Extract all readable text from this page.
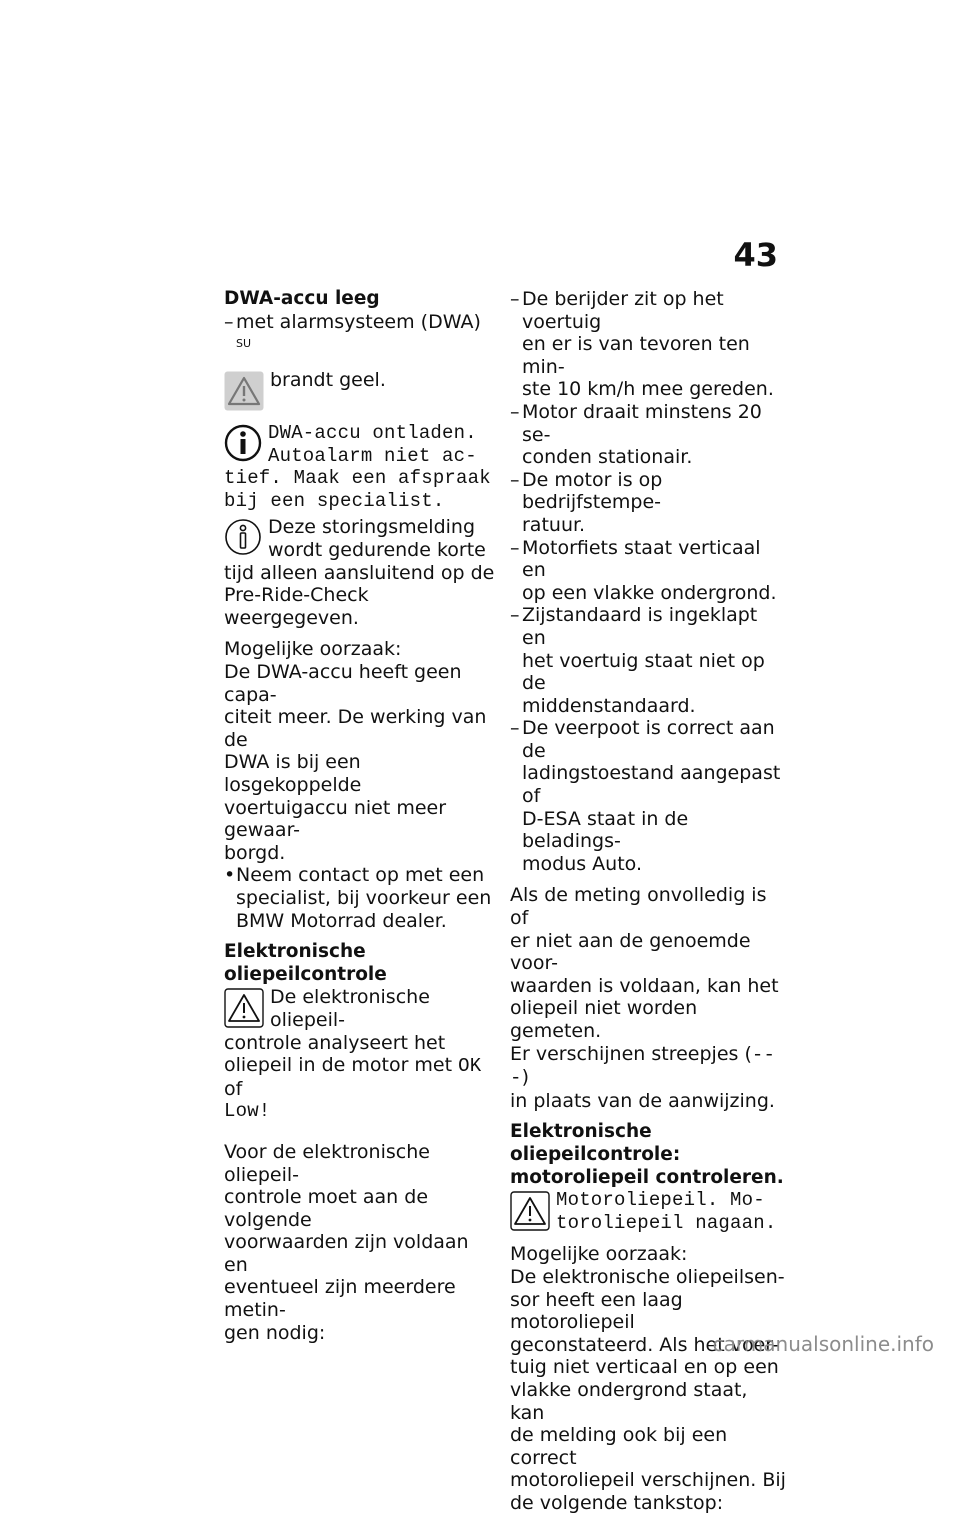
43

DWA-accu leeg

– met alarmsysteem (DWA) $^{SU}$

brandt geel.

DWA-accu ontladen.

Autoalarm niet ac-

tief. Maak een afspraak

bij een specialist.

Deze storingsmelding

wordt gedurende korte

tijd alleen aansluitend op de

Pre-Ride-Check weergegeven.

Mogelijke oorzaak:

De DWA-accu heeft geen capa-

citeit meer. De werking van de

DWA is bij een losgekoppelde

voertuigaccu niet meer gewaar-

borgd.

• Neem contact op met een

specialist, bij voorkeur een

BMW Motorrad dealer.

Elektronische oliepeilcontrole

De elektronische oliepeil-

controle analyseert het

oliepeil in de motor met OK of

Low!

Voor de elektronische oliepeil-

controle moet aan de volgende

voorwaarden zijn voldaan en

eventueel zijn meerdere metin-

gen nodig:

– De berijder zit op het voertuig

en er is van tevoren ten min-

ste 10 km/h mee gereden.

– Motor draait minstens 20 se-

conden stationair.

– De motor is op bedrijfstempe-

ratuur.

– Motorfiets staat verticaal en

op een vlakke ondergrond.

– Zijstandaard is ingeklapt en

het voertuig staat niet op de

middenstandaard.

– De veerpoot is correct aan de

ladingstoestand aangepast of

D-ESA staat in de beladings-

modus Auto.

Als de meting onvolledig is of

er niet aan de genoemde voor-

waarden is voldaan, kan het

oliepeil niet worden gemeten.

Er verschijnen streepjes (---)

in plaats van de aanwijzing.

Elektronische oliepeilcontrole:

motoroliepeil controleren.

Motoroliepeil. Mo-

toroliepeil nagaan.

Mogelijke oorzaak:

De elektronische oliepeilsen-

sor heeft een laag motoroliepeil

geconstateerd. Als het voer-

tuig niet verticaal en op een

vlakke ondergrond staat, kan

de melding ook bij een correct

motoroliepeil verschijnen. Bij

de volgende tankstop:

carmanualsonline.info
